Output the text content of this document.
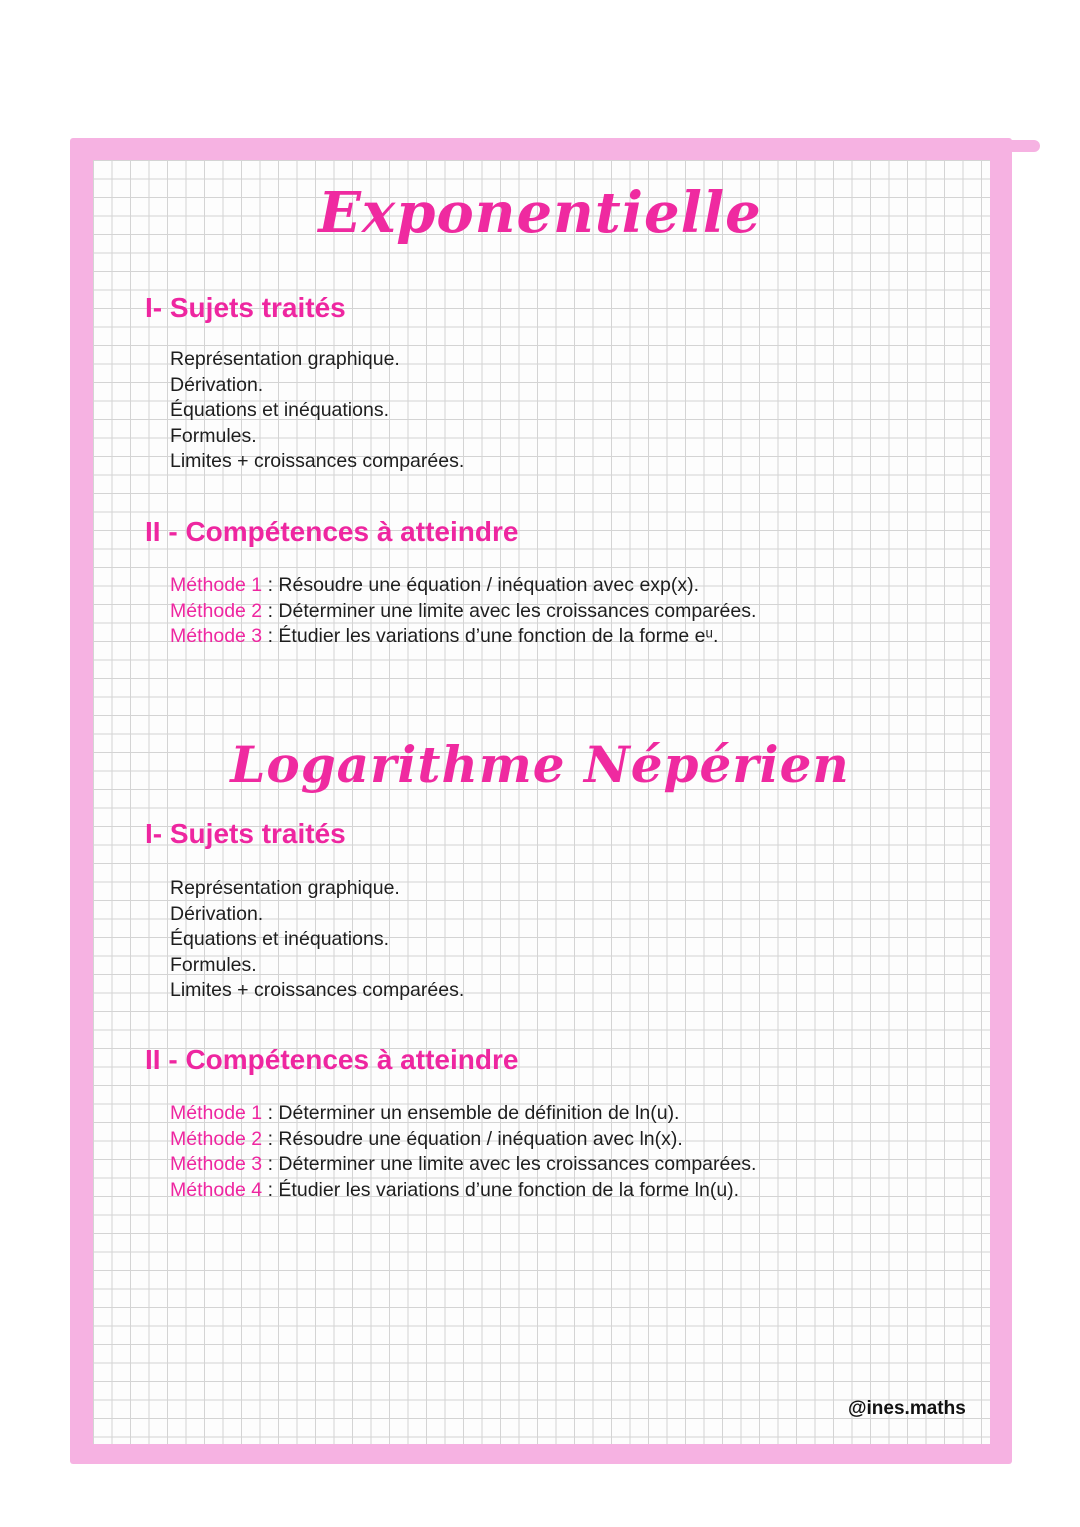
Exponentielle
I- Sujets traités
Représentation graphique.
Dérivation.
Équations et inéquations.
Formules.
Limites + croissances comparées.
II - Compétences à atteindre
Méthode 1 : Résoudre une équation / inéquation avec exp(x).
Méthode 2 : Déterminer une limite avec les croissances comparées.
Méthode 3 : Étudier les variations d’une fonction de la forme eᵘ.
Logarithme Népérien
I- Sujets traités
Représentation graphique.
Dérivation.
Équations et inéquations.
Formules.
Limites + croissances comparées.
II - Compétences à atteindre
Méthode 1 : Déterminer un ensemble de définition de ln(u).
Méthode 2 : Résoudre une équation / inéquation avec ln(x).
Méthode 3 : Déterminer une limite avec les croissances comparées.
Méthode 4 : Étudier les variations d’une fonction de la forme ln(u).
@ines.maths
